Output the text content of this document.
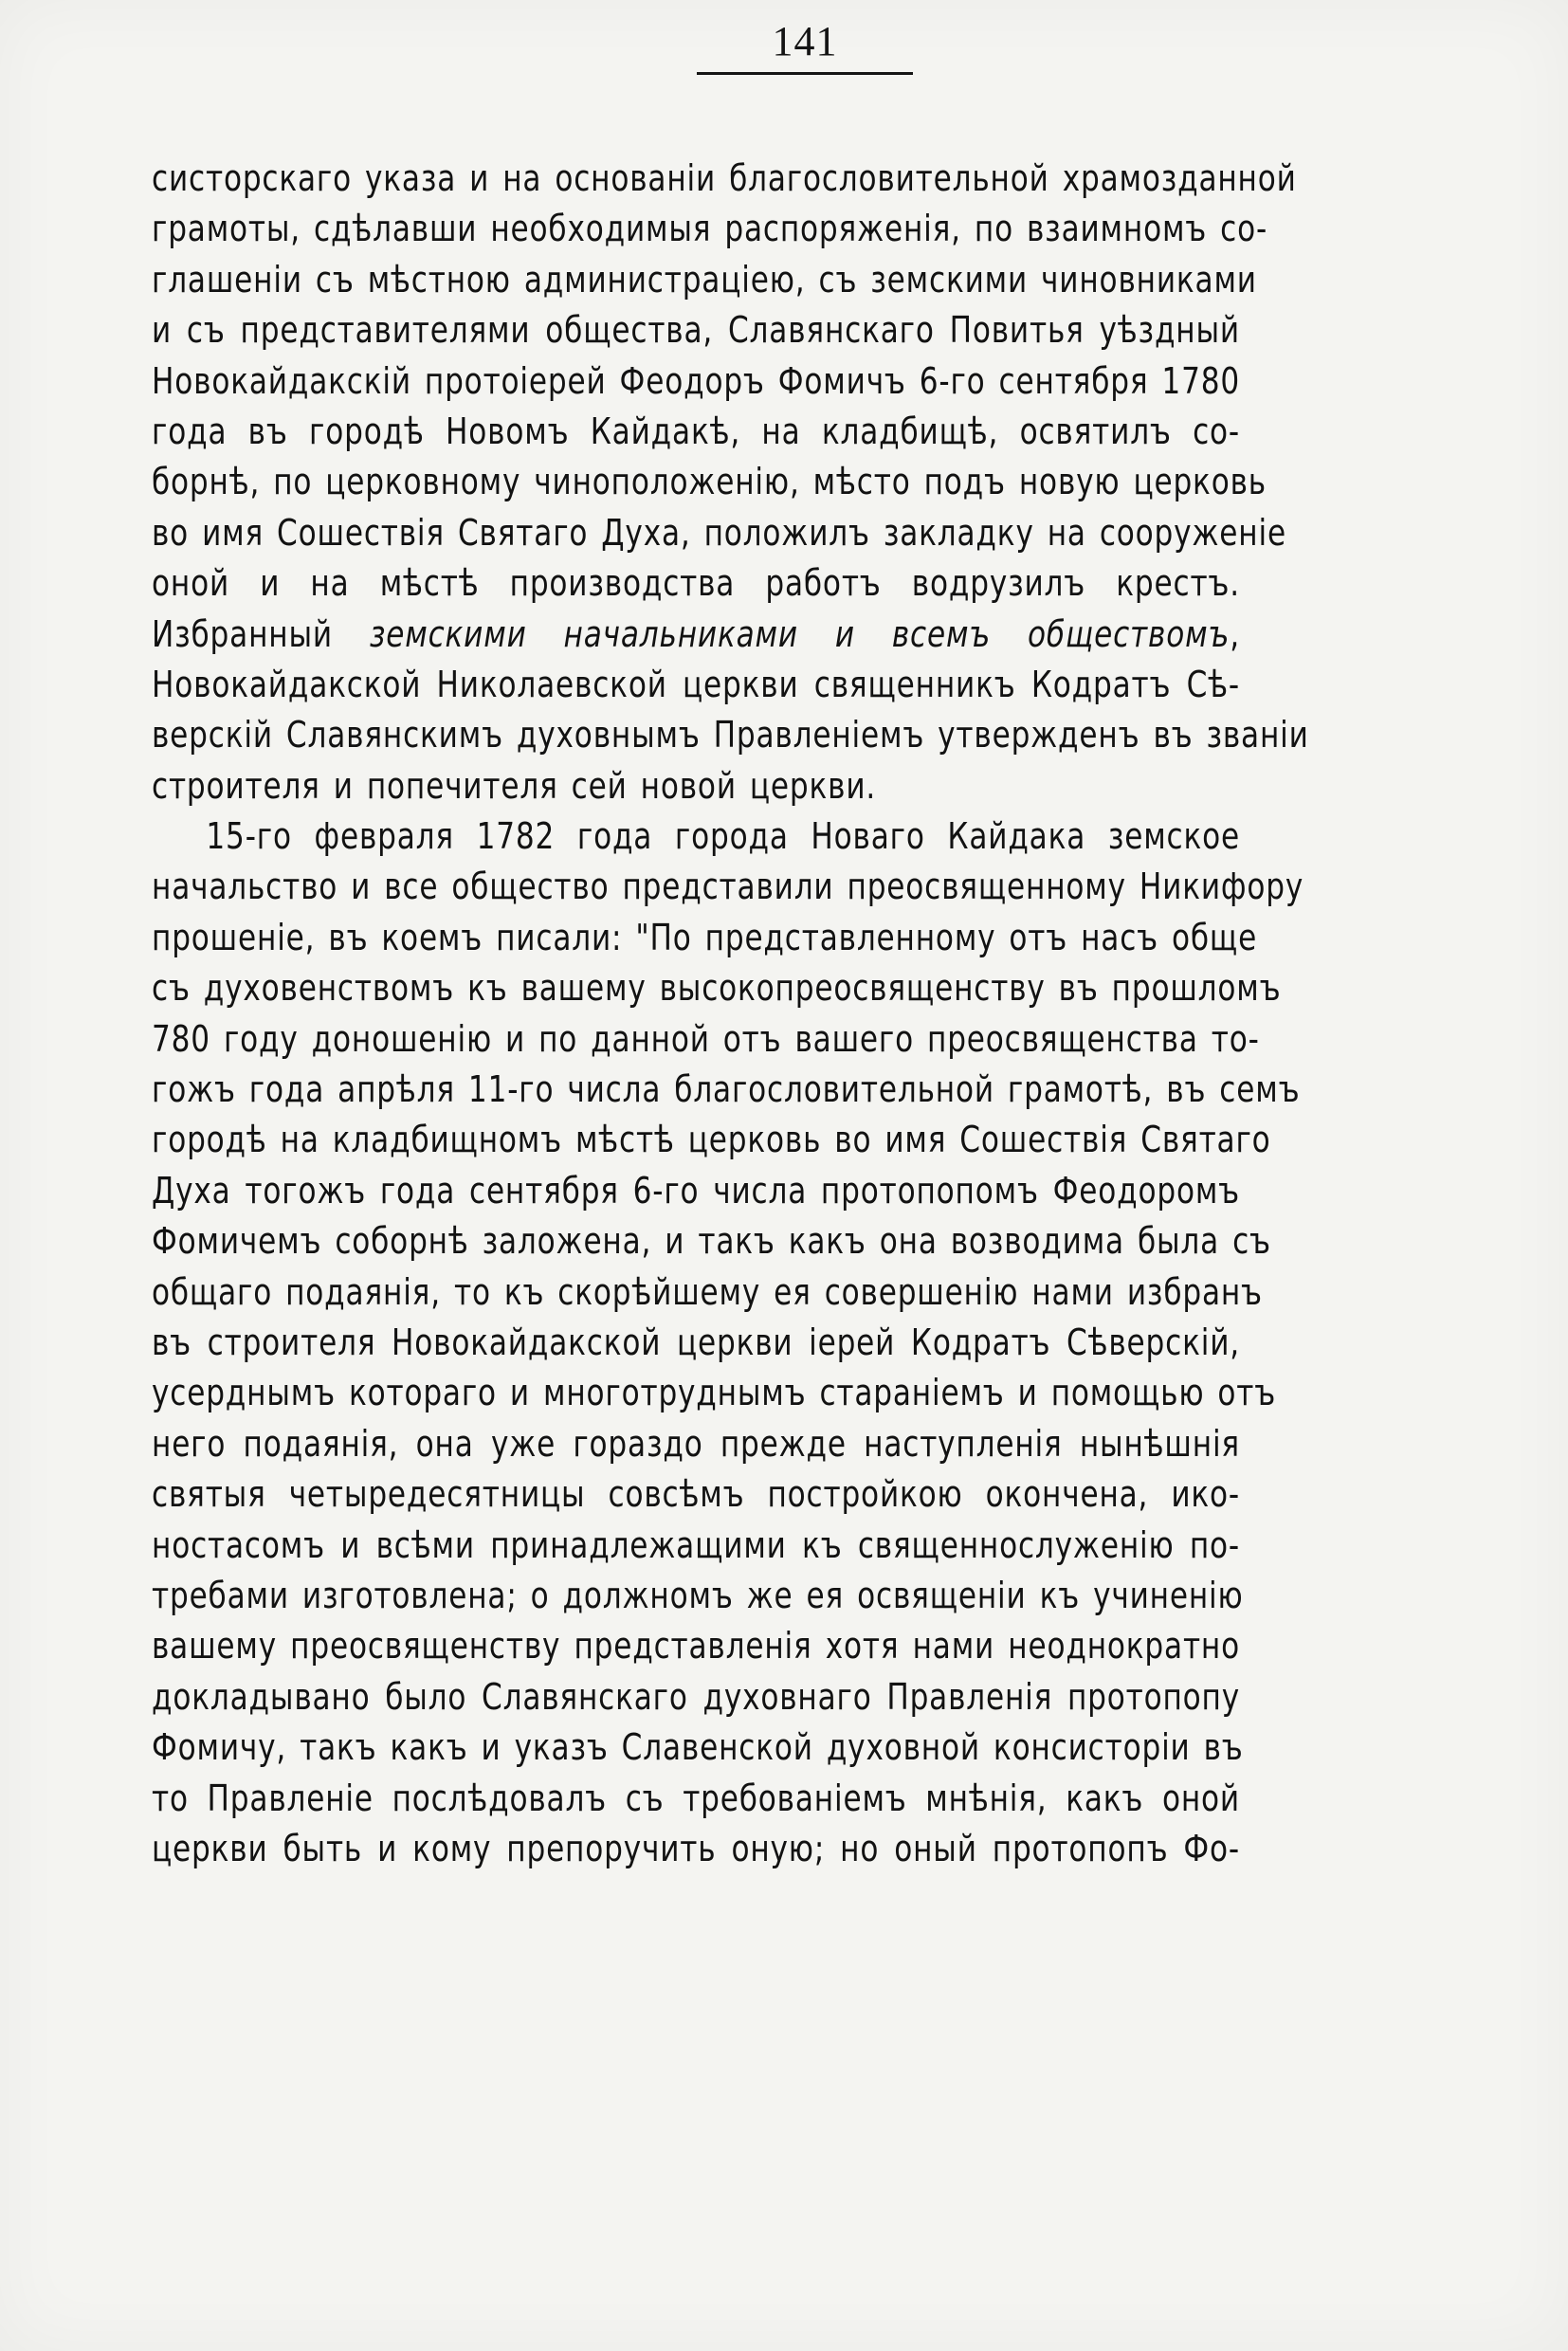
141
систорскаго указа и на основаніи благословительной храмозданной
грамоты, сдѣлавши необходимыя распоряженія, по взаимномъ со-
глашеніи съ мѣстною администраціею, съ земскими чиновниками
и съ представителями общества, Славянскаго Повитья уѣздный
Новокайдакскій протоіерей Феодоръ Фомичъ 6-го сентября 1780
года въ городѣ Новомъ Кайдакѣ, на кладбищѣ, освятилъ со-
борнѣ, по церковному чиноположенію, мѣсто подъ новую церковь
во имя Сошествія Святаго Духа, положилъ закладку на сооруженіе
оной и на мѣстѣ производства работъ водрузилъ крестъ.
Избранный земскими начальниками и всемъ обществомъ,
Новокайдакской Николаевской церкви священникъ Кодратъ Сѣ-
верскій Славянскимъ духовнымъ Правленіемъ утвержденъ въ званіи
строителя и попечителя сей новой церкви.
15-го февраля 1782 года города Новаго Кайдака земское
начальство и все общество представили преосвященному Никифору
прошеніе, въ коемъ писали: "По представленному отъ насъ обще
съ духовенствомъ къ вашему высокопреосвященству въ прошломъ
780 году доношенію и по данной отъ вашего преосвященства то-
гожъ года апрѣля 11-го числа благословительной грамотѣ, въ семъ
городѣ на кладбищномъ мѣстѣ церковь во имя Сошествія Святаго
Духа тогожъ года сентября 6-го числа протопопомъ Феодоромъ
Фомичемъ соборнѣ заложена, и такъ какъ она возводима была съ
общаго подаянія, то къ скорѣйшему ея совершенію нами избранъ
въ строителя Новокайдакской церкви іерей Кодратъ Сѣверскій,
усерднымъ котораго и многотруднымъ стараніемъ и помощью отъ
него подаянія, она уже гораздо прежде наступленія нынѣшнія
святыя четыредесятницы совсѣмъ постройкою окончена, ико-
ностасомъ и всѣми принадлежащими къ священнослуженію по-
требами изготовлена; о должномъ же ея освященіи къ учиненію
вашему преосвященству представленія хотя нами неоднократно
докладывано было Славянскаго духовнаго Правленія протопопу
Фомичу, такъ какъ и указъ Славенской духовной консисторіи въ
то Правленіе послѣдовалъ съ требованіемъ мнѣнія, какъ оной
церкви быть и кому препоручить оную; но оный протопопъ Фо-
